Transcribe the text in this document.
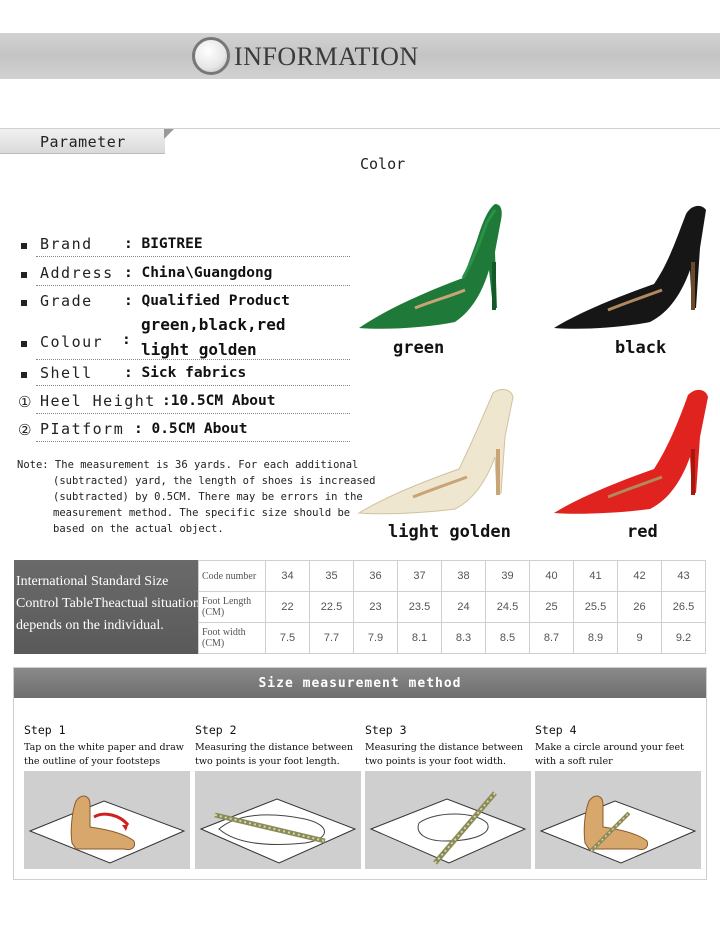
INFORMATION
Parameter
Color
Brand : BIGTREE
Address : China\Guangdong
Grade : Qualified Product
Colour :
green,black,red
light golden
Shell : Sick fabrics
① Heel Height :10.5CM About
② PIatform : 0.5CM About
Note: The measurement is 36 yards. For each additional
(subtracted) yard, the length of shoes is increased
(subtracted) by 0.5CM. There may be errors in the
measurement method. The specific size should be
based on the actual object.
green	black
light golden	red
International Standard Size
Control TableTheactual situation
depends on the individual.
Code number	34	35	36	37	38	39	40	41	42	43
Foot Length (CM)	22	22.5	23	23.5	24	24.5	25	25.5	26	26.5
Foot width (CM)	7.5	7.7	7.9	8.1	8.3	8.5	8.7	8.9	9	9.2
Size measurement method
Step 1
Tap on the white paper and draw the outline of your footsteps
Step 2
Measuring the distance between two points is your foot length.
Step 3
Measuring the distance between two points is your foot width.
Step 4
Make a circle around your feet with a soft ruler
